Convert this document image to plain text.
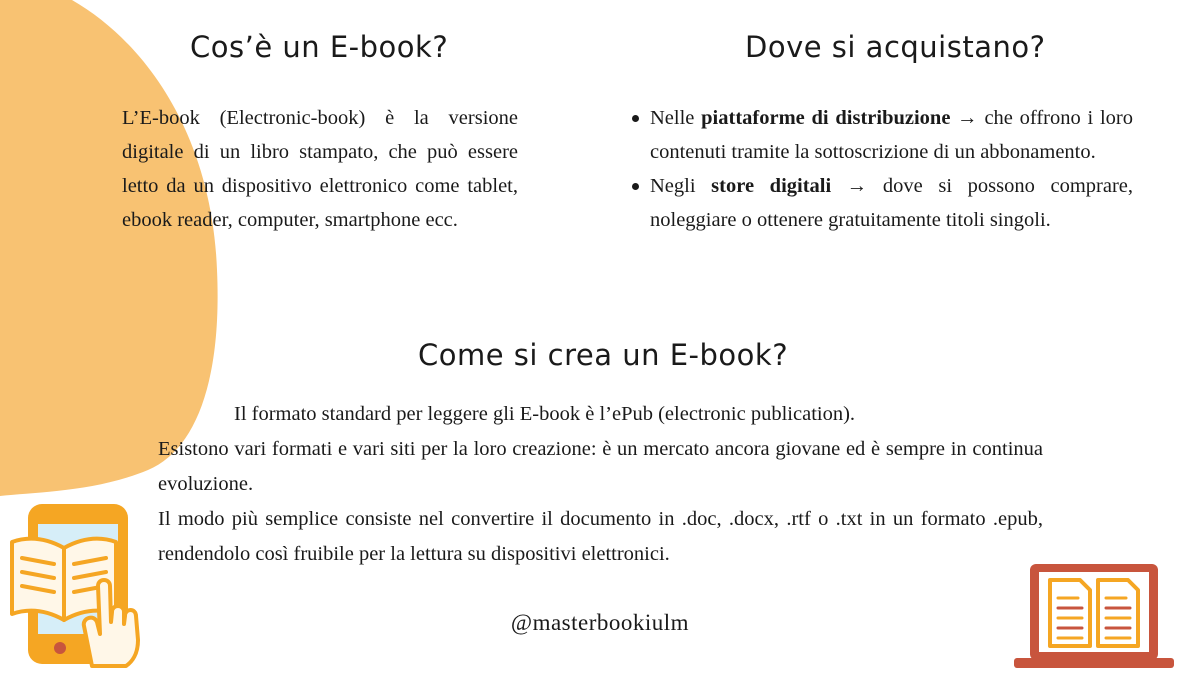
Cos’è un E-book?

L’E-book (Electronic-book) è la versione digitale di un libro stampato, che può essere letto da un dispositivo elettronico come tablet, ebook reader, computer, smartphone ecc.

Dove si acquistano?
Nelle piattaforme di distribuzione → che offrono i loro contenuti tramite la sottoscrizione di un abbonamento.
Negli store digitali → dove si possono comprare, noleggiare o ottenere gratuitamente titoli singoli.
Come si crea un E-book?

Il formato standard per leggere gli E-book è l’ePub (electronic publication).

Esistono vari formati e vari siti per la loro creazione: è un mercato ancora giovane ed è sempre in continua evoluzione.

Il modo più semplice consiste nel convertire il documento in .doc, .docx, .rtf o .txt in un formato .epub, rendendolo così fruibile per la lettura su dispositivi elettronici.

@masterbookiulm
